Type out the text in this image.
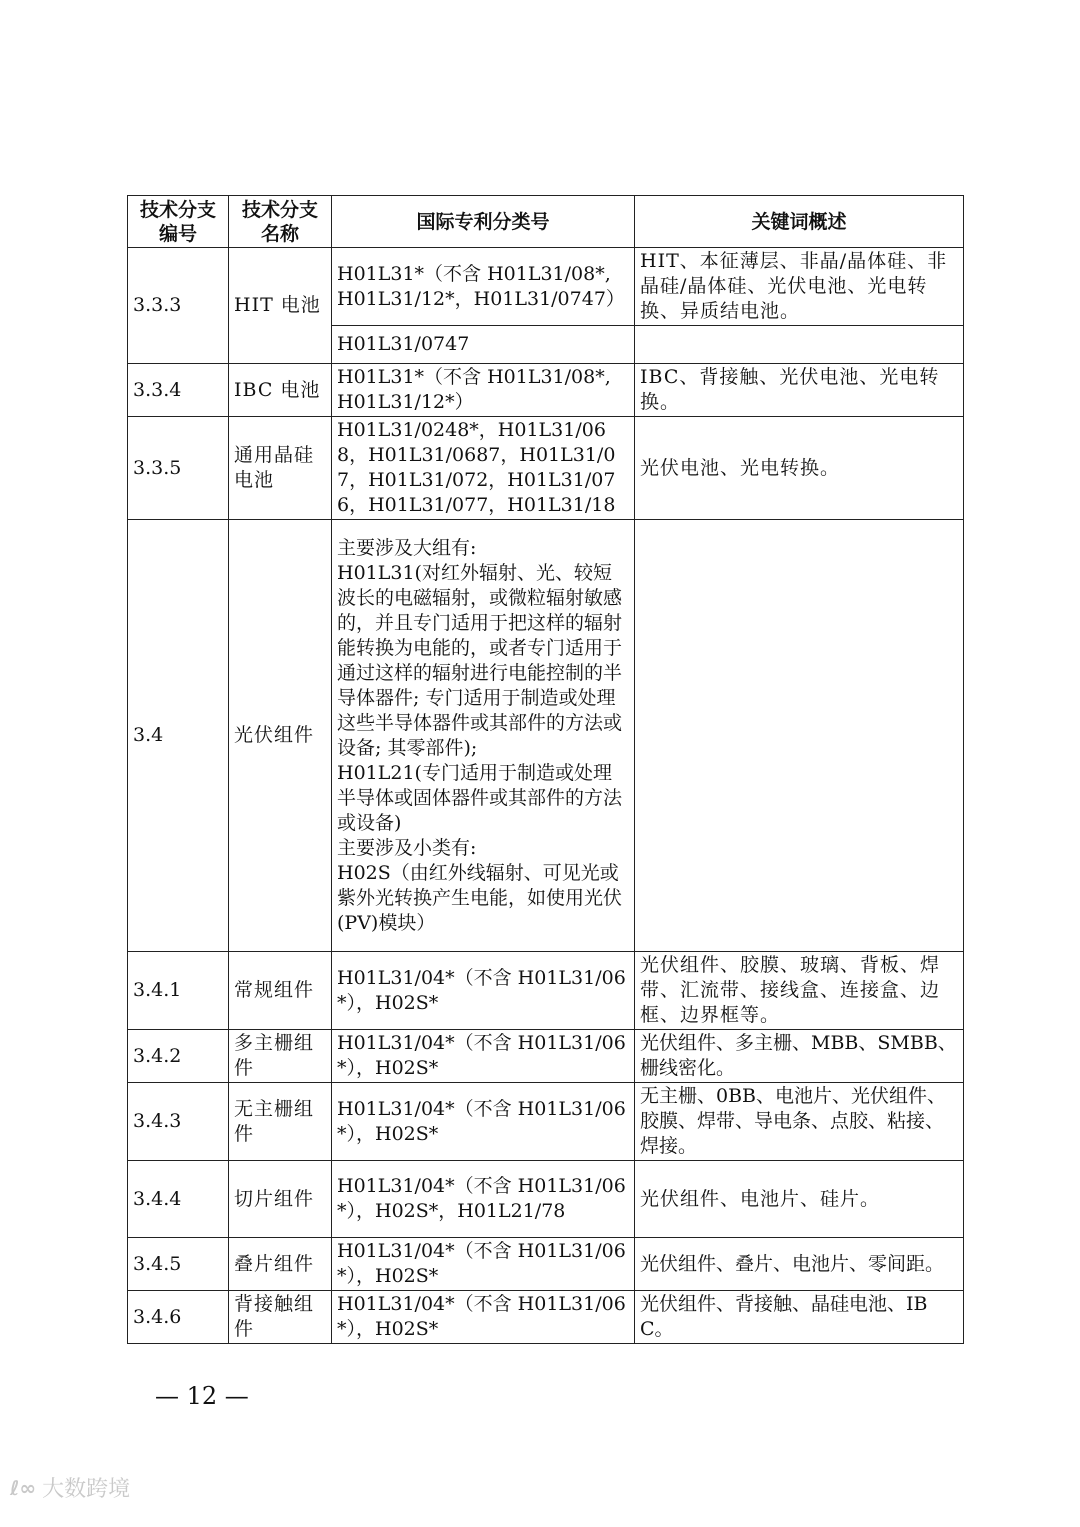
技术分支编号	技术分支名称	国际专利分类号	关键词概述
3.3.3	HIT 电池	H01L31*（不含 H01L31/08*, H01L31/12*，H01L31/0747）	HIT、本征薄层、非晶/晶体硅、非晶硅/晶体硅、光伏电池、光电转换、异质结电池。
		H01L31/0747	
3.3.4	IBC 电池	H01L31*（不含 H01L31/08*, H01L31/12*）	IBC、背接触、光伏电池、光电转换。
3.3.5	通用晶硅电池	H01L31/0248*，H01L31/068，H01L31/0687，H01L31/07，H01L31/072，H01L31/076，H01L31/077，H01L31/18	光伏电池、光电转换。
3.4	光伏组件	主要涉及大组有:
H01L31(对红外辐射、光、较短波长的电磁辐射，或微粒辐射敏感的，并且专门适用于把这样的辐射能转换为电能的，或者专门适用于通过这样的辐射进行电能控制的半导体器件; 专门适用于制造或处理这些半导体器件或其部件的方法或设备; 其零部件);
H01L21(专门适用于制造或处理半导体或固体器件或其部件的方法或设备)
主要涉及小类有:
H02S（由红外线辐射、可见光或紫外光转换产生电能，如使用光伏(PV)模块）	
3.4.1	常规组件	H01L31/04*（不含 H01L31/06*），H02S*	光伏组件、胶膜、玻璃、背板、焊带、汇流带、接线盒、连接盒、边框、边界框等。
3.4.2	多主栅组件	H01L31/04*（不含 H01L31/06*），H02S*	光伏组件、多主栅、MBB、SMBB、栅线密化。
3.4.3	无主栅组件	H01L31/04*（不含 H01L31/06*），H02S*	无主栅、0BB、电池片、光伏组件、胶膜、焊带、导电条、点胶、粘接、焊接。
3.4.4	切片组件	H01L31/04*（不含 H01L31/06*），H02S*，H01L21/78	光伏组件、电池片、硅片。
3.4.5	叠片组件	H01L31/04*（不含 H01L31/06*），H02S*	光伏组件、叠片、电池片、零间距。
3.4.6	背接触组件	H01L31/04*（不含 H01L31/06*），H02S*	光伏组件、背接触、晶硅电池、IBC。
— 12 —
ℓ∞ 大数跨境
